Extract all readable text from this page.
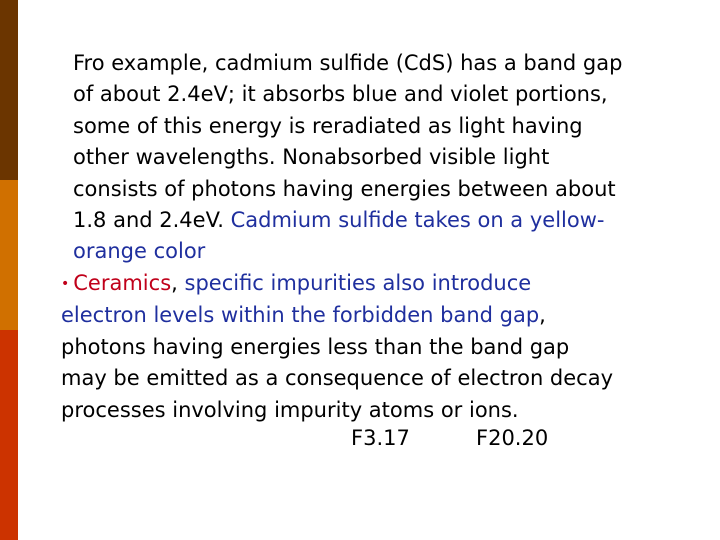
Fro example, cadmium sulfide (CdS) has a band gap
of about 2.4eV; it absorbs blue and violet portions,
some of this energy is reradiated as light having
other wavelengths. Nonabsorbed visible light
consists of photons having energies between about
1.8 and 2.4eV. Cadmium sulfide takes on a yellow-
orange color
• Ceramics, specific impurities also introduce
electron levels within the forbidden band gap,
photons having energies less than the band gap
may be emitted as a consequence of electron decay
processes involving impurity atoms or ions.
F3.17	F20.20
